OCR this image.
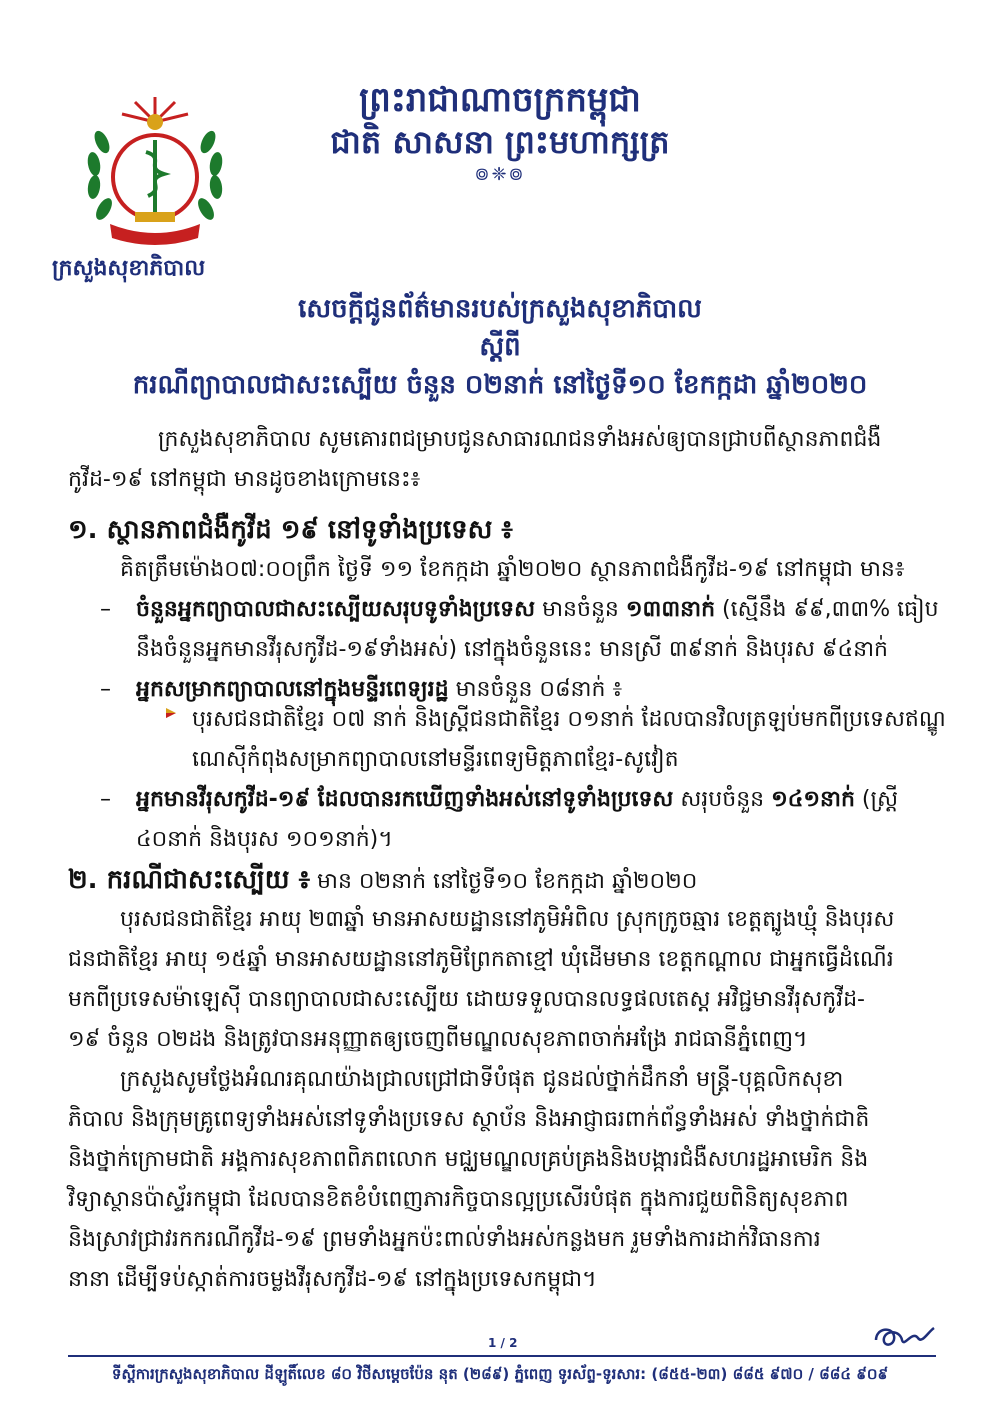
ព្រះរាជាណាចក្រកម្ពុជា
ជាតិ សាសនា ព្រះមហាក្សត្រ
៙❈៙
ក្រសួងសុខាភិបាល
សេចក្តីជូនព័ត៌មានរបស់ក្រសួងសុខាភិបាល
ស្តីពី
ករណីព្យាបាលជាសះស្បើយ ចំនួន ០២នាក់ នៅថ្ងៃទី១០ ខែកក្កដា ឆ្នាំ២០២០
ក្រសួងសុខាភិបាល សូមគោរពជម្រាបជូនសាធារណជនទាំងអស់ឲ្យបានជ្រាបពីស្ថានភាពជំងឺ
កូវីដ-១៩ នៅកម្ពុជា មានដូចខាងក្រោមនេះ៖
១. ស្ថានភាពជំងឺកូវីដ ១៩ នៅទូទាំងប្រទេស ៖
គិតត្រឹមម៉ោង០៧:០០ព្រឹក ថ្ងៃទី ១១ ខែកក្កដា ឆ្នាំ២០២០ ស្ថានភាពជំងឺកូវីដ-១៩ នៅកម្ពុជា មាន៖
– ចំនួនអ្នកព្យាបាលជាសះស្បើយសរុបទូទាំងប្រទេស មានចំនួន ១៣៣នាក់ (ស្មើនឹង ៩៩,៣៣% ធៀប
នឹងចំនួនអ្នកមានវីរុសកូវីដ-១៩ទាំងអស់) នៅក្នុងចំនួននេះ មានស្រី ៣៩នាក់ និងបុរស ៩៤នាក់
– អ្នកសម្រាកព្យាបាលនៅក្នុងមន្ទីរពេទ្យរដ្ឋ មានចំនួន ០៨នាក់ ៖
បុរសជនជាតិខ្មែរ ០៧ នាក់ និងស្ត្រីជនជាតិខ្មែរ ០១នាក់ ដែលបានវិលត្រឡប់មកពីប្រទេសឥណ្ឌូ
ណេស៊ីកំពុងសម្រាកព្យាបាលនៅមន្ទីរពេទ្យមិត្តភាពខ្មែរ-សូវៀត
– អ្នកមានវីរុសកូវីដ-១៩ ដែលបានរកឃើញទាំងអស់នៅទូទាំងប្រទេស សរុបចំនួន ១៤១នាក់ (ស្ត្រី
៤០នាក់ និងបុរស ១០១នាក់)។
២. ករណីជាសះស្បើយ ៖ មាន ០២នាក់ នៅថ្ងៃទី១០ ខែកក្កដា ឆ្នាំ២០២០
បុរសជនជាតិខ្មែរ អាយុ ២៣ឆ្នាំ មានអាសយដ្ឋាននៅភូមិអំពិល ស្រុកក្រូចឆ្មារ ខេត្តត្បូងឃ្មុំ និងបុរស
ជនជាតិខ្មែរ អាយុ ១៥ឆ្នាំ មានអាសយដ្ឋាននៅភូមិព្រែកតាខ្មៅ ឃុំដើមមាន ខេត្តកណ្តាល ជាអ្នកធ្វើដំណើរ
មកពីប្រទេសម៉ាឡេស៊ី បានព្យាបាលជាសះស្បើយ ដោយទទួលបានលទ្ធផលតេស្ត អវិជ្ជមានវីរុសកូវីដ-
១៩ ចំនួន ០២ដង និងត្រូវបានអនុញ្ញាតឲ្យចេញពីមណ្ឌលសុខភាពចាក់អង្រែ រាជធានីភ្នំពេញ។
ក្រសួងសូមថ្លែងអំណរគុណយ៉ាងជ្រាលជ្រៅជាទីបំផុត ជូនដល់ថ្នាក់ដឹកនាំ មន្ត្រី-បុគ្គលិកសុខា
ភិបាល និងក្រុមគ្រូពេទ្យទាំងអស់នៅទូទាំងប្រទេស ស្ថាប័ន និងអាជ្ញាធរពាក់ព័ន្ធទាំងអស់ ទាំងថ្នាក់ជាតិ
និងថ្នាក់ក្រោមជាតិ អង្គការសុខភាពពិភពលោក មជ្ឈមណ្ឌលគ្រប់គ្រងនិងបង្ការជំងឺសហរដ្ឋអាមេរិក និង
វិទ្យាស្ថានប៉ាស្ទ័រកម្ពុជា ដែលបានខិតខំបំពេញភារកិច្ចបានល្អប្រសើរបំផុត ក្នុងការជួយពិនិត្យសុខភាព
និងស្រាវជ្រាវរកករណីកូវីដ-១៩ ព្រមទាំងអ្នកប៉ះពាល់ទាំងអស់កន្លងមក រួមទាំងការដាក់វិធានការ
នានា ដើម្បីទប់ស្កាត់ការចម្លងវីរុសកូវីដ-១៩ នៅក្នុងប្រទេសកម្ពុជា។
1 / 2
ទីស្តីការក្រសួងសុខាភិបាល ដីឡូតិ៍លេខ ៨០ វិថីសម្តេចប៉ែន នុត (២៨៩) ភ្នំពេញ ទូរស័ព្ទ-ទូរសារ: (៨៥៥-២៣) ៨៨៥ ៩៧០ / ៨៨៤ ៩០៩
